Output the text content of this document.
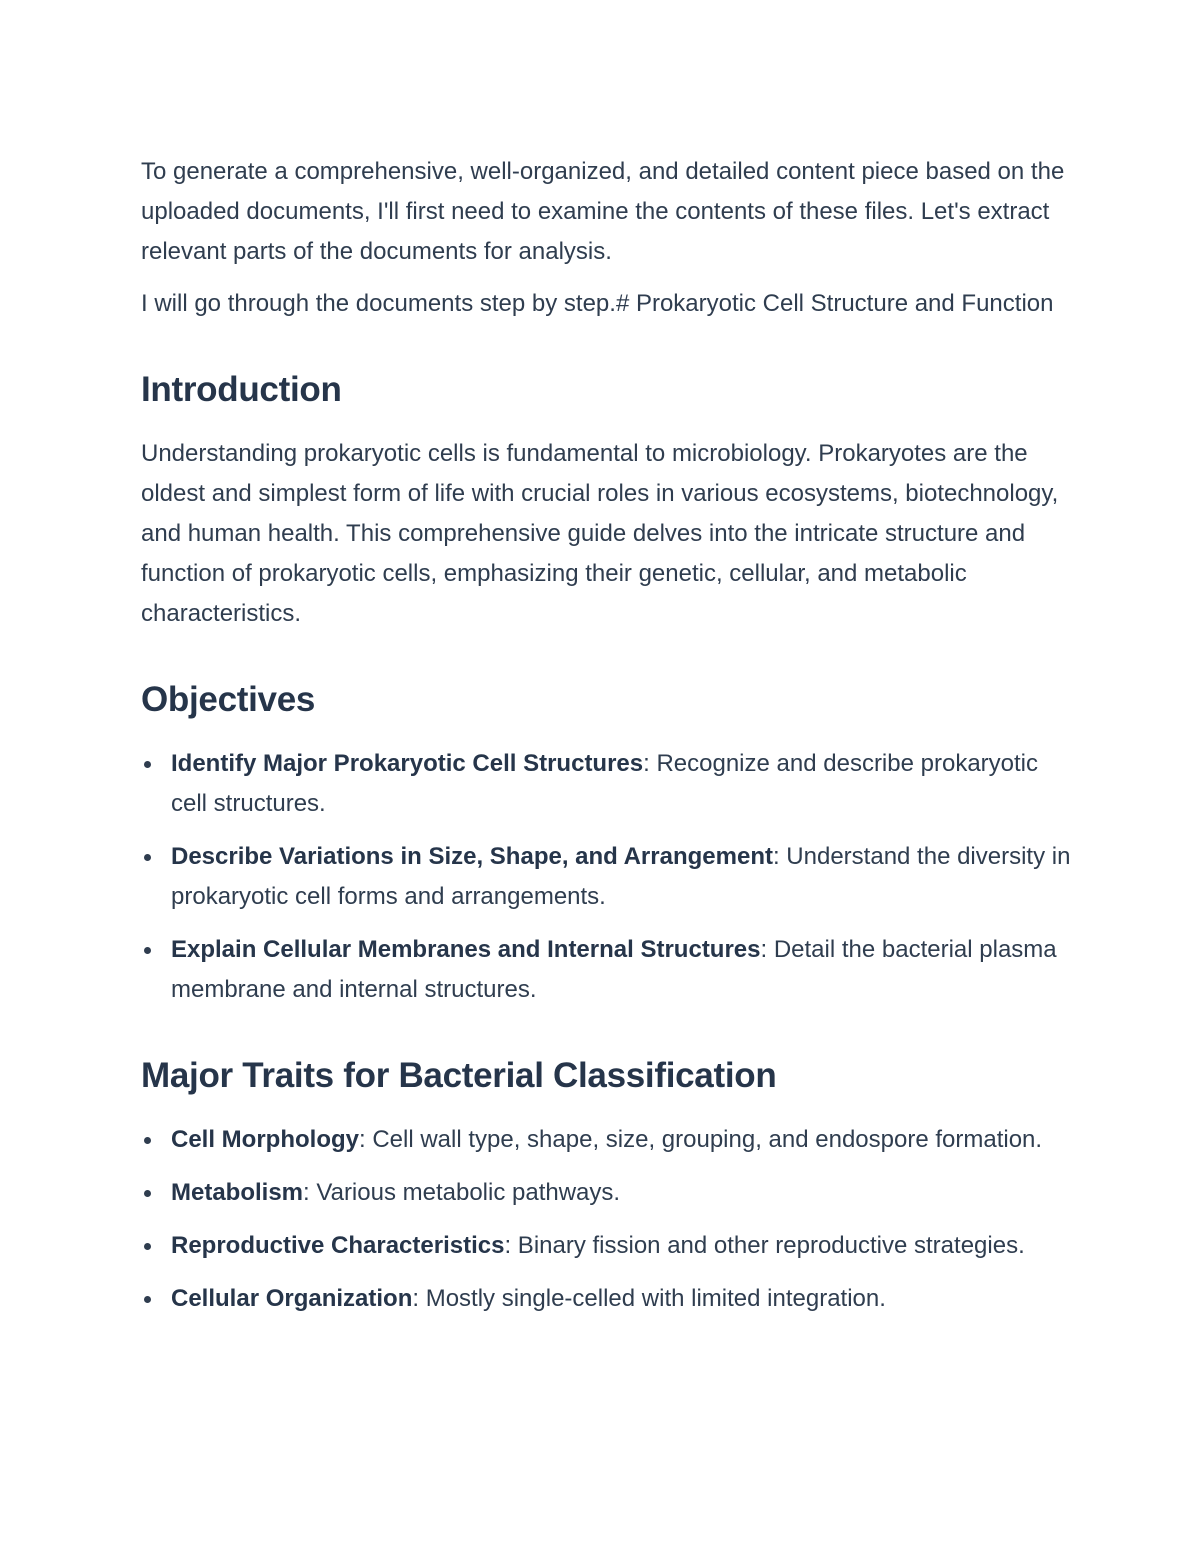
To generate a comprehensive, well-organized, and detailed content piece based on the uploaded documents, I'll first need to examine the contents of these files. Let's extract relevant parts of the documents for analysis.

I will go through the documents step by step.# Prokaryotic Cell Structure and Function

Introduction

Understanding prokaryotic cells is fundamental to microbiology. Prokaryotes are the oldest and simplest form of life with crucial roles in various ecosystems, biotechnology, and human health. This comprehensive guide delves into the intricate structure and function of prokaryotic cells, emphasizing their genetic, cellular, and metabolic characteristics.

Objectives
Identify Major Prokaryotic Cell Structures: Recognize and describe prokaryotic cell structures.
Describe Variations in Size, Shape, and Arrangement: Understand the diversity in prokaryotic cell forms and arrangements.
Explain Cellular Membranes and Internal Structures: Detail the bacterial plasma membrane and internal structures.
Major Traits for Bacterial Classification
Cell Morphology: Cell wall type, shape, size, grouping, and endospore formation.
Metabolism: Various metabolic pathways.
Reproductive Characteristics: Binary fission and other reproductive strategies.
Cellular Organization: Mostly single-celled with limited integration.
